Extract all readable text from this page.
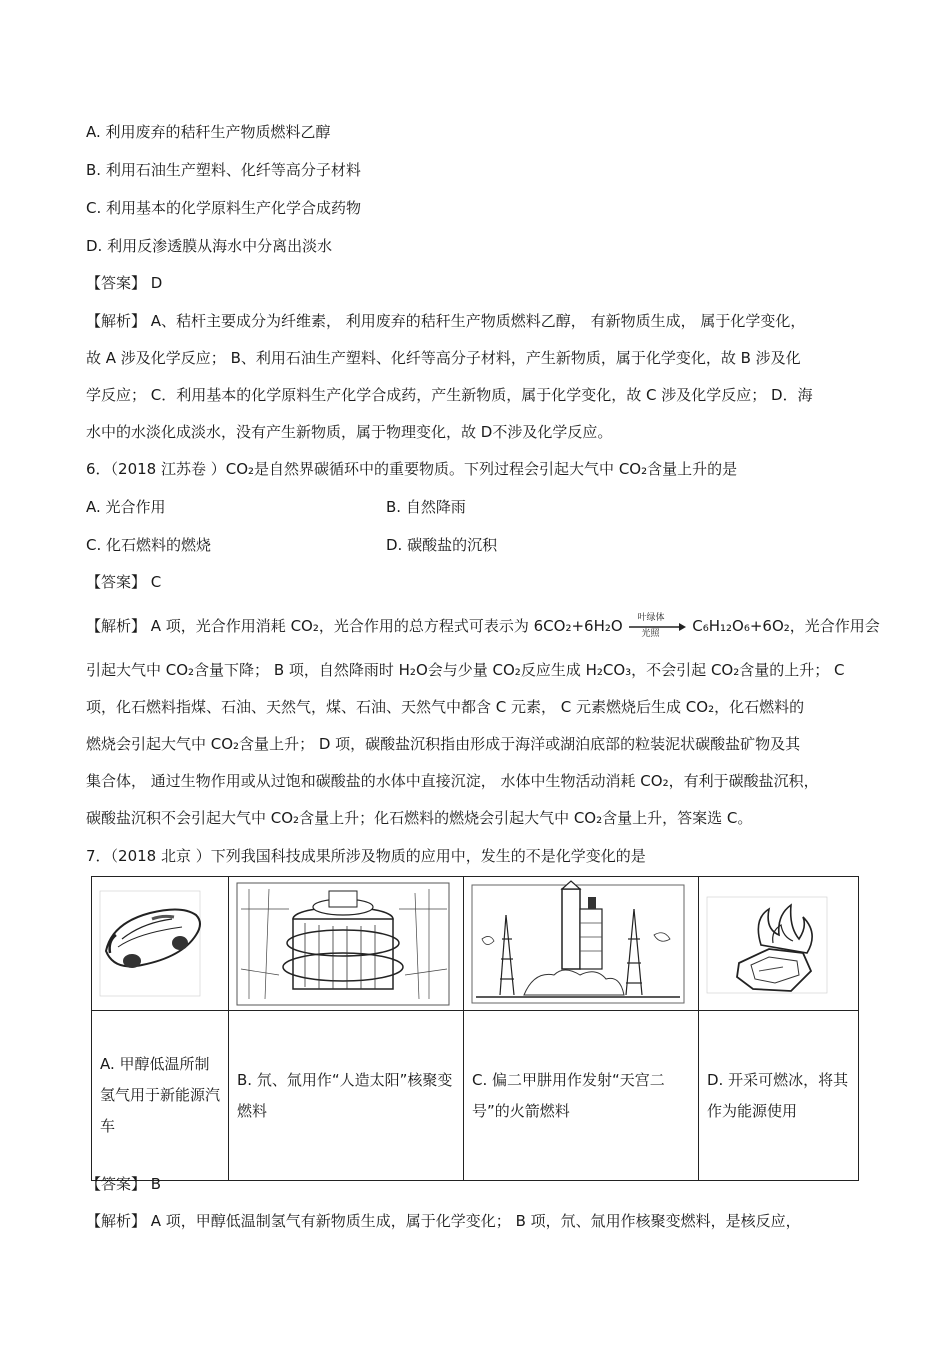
A. 利用废弃的秸秆生产物质燃料乙醇
B. 利用石油生产塑料、化纤等高分子材料
C. 利用基本的化学原料生产化学合成药物
D. 利用反渗透膜从海水中分离出淡水
【答案】 D
【解析】 A、秸杆主要成分为纤维素， 利用废弃的秸秆生产物质燃料乙醇， 有新物质生成， 属于化学变化，
故 A 涉及化学反应； B、利用石油生产塑料、化纤等高分子材料，产生新物质，属于化学变化，故 B 涉及化
学反应； C．利用基本的化学原料生产化学合成药，产生新物质，属于化学变化，故 C 涉及化学反应； D．海
水中的水淡化成淡水，没有产生新物质，属于物理变化，故 D不涉及化学反应。
6．（2018 江苏卷 ）CO₂是自然界碳循环中的重要物质。下列过程会引起大气中 CO₂含量上升的是
A. 光合作用	B. 自然降雨
C. 化石燃料的燃烧	D. 碳酸盐的沉积
【答案】 C
【解析】 A 项，光合作用消耗 CO₂，光合作用的总方程式可表示为 6CO₂+6H₂O 叶绿体
光照 C₆H₁₂O₆+6O₂，光合作用会
引起大气中 CO₂含量下降； B 项，自然降雨时 H₂O会与少量 CO₂反应生成 H₂CO₃，不会引起 CO₂含量的上升； C
项，化石燃料指煤、石油、天然气，煤、石油、天然气中都含 C 元素， C 元素燃烧后生成 CO₂，化石燃料的
燃烧会引起大气中 CO₂含量上升； D 项，碳酸盐沉积指由形成于海洋或湖泊底部的粒装泥状碳酸盐矿物及其
集合体， 通过生物作用或从过饱和碳酸盐的水体中直接沉淀， 水体中生物活动消耗 CO₂，有利于碳酸盐沉积，
碳酸盐沉积不会引起大气中 CO₂含量上升；化石燃料的燃烧会引起大气中 CO₂含量上升，答案选 C。
7．（2018 北京 ）下列我国科技成果所涉及物质的应用中，发生的不是化学变化的是

A. 甲醇低温所制氢气用于新能源汽车	B. 氘、氚用作“人造太阳”核聚变燃料	C. 偏二甲肼用作发射“天宫二号”的火箭燃料	D. 开采可燃冰，将其作为能源使用
【答案】 B
【解析】 A 项，甲醇低温制氢气有新物质生成，属于化学变化； B 项，氘、氚用作核聚变燃料，是核反应，
